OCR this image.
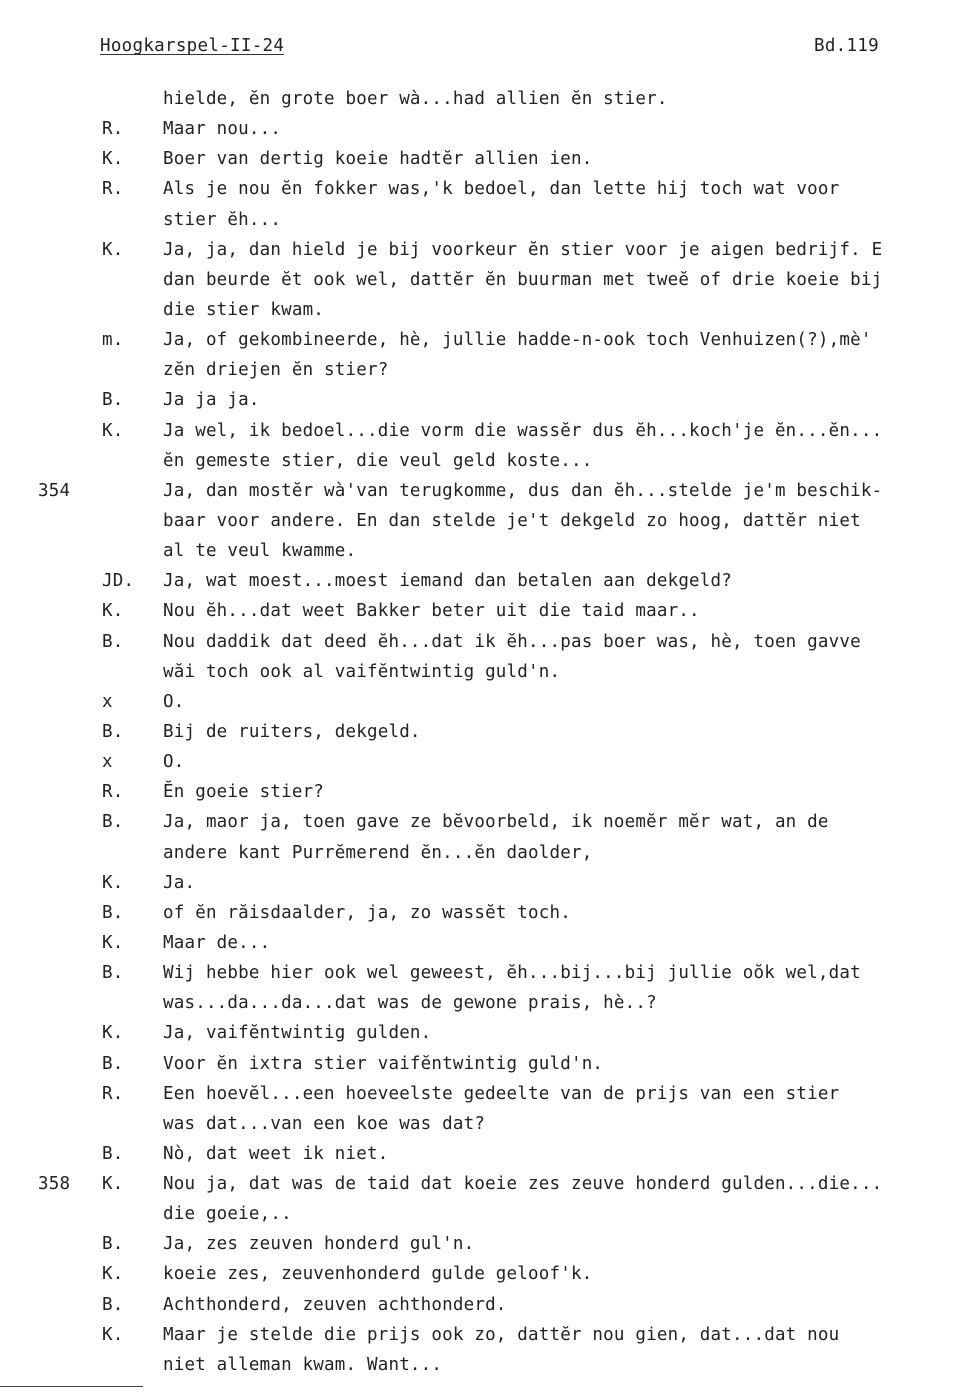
Hoogkarspel-II-24	Bd.119
hielde, ĕn grote boer wà...had allien ĕn stier.
R. Maar nou...
K. Boer van dertig koeie hadtĕr allien ien.
R. Als je nou ĕn fokker was,'k bedoel, dan lette hij toch wat voor
stier ĕh...
K. Ja, ja, dan hield je bij voorkeur ĕn stier voor je aigen bedrijf. E
dan beurde ĕt ook wel, dattĕr ĕn buurman met tweĕ of drie koeie bij
die stier kwam.
m. Ja, of gekombineerde, hè, jullie hadde-n-ook toch Venhuizen(?),mè'
zĕn driejen ĕn stier?
B. Ja ja ja.
K. Ja wel, ik bedoel...die vorm die wassĕr dus ĕh...koch'je ĕn...ĕn...
ĕn gemeste stier, die veul geld koste...
354	Ja, dan mostĕr wà'van terugkomme, dus dan ĕh...stelde je'm beschik-
baar voor andere. En dan stelde je't dekgeld zo hoog, dattĕr niet
al te veul kwamme.
JD. Ja, wat moest...moest iemand dan betalen aan dekgeld?
K. Nou ĕh...dat weet Bakker beter uit die taid maar..
B. Nou daddik dat deed ĕh...dat ik ĕh...pas boer was, hè, toen gavve
wăi toch ook al vaifĕntwintig guld'n.
x	O.
B. Bij de ruiters, dekgeld.
x	O.
R. Ĕn goeie stier?
B. Ja, maor ja, toen gave ze bĕvoorbeld, ik noemĕr mĕr wat, an de
andere kant Purrĕmerend ĕn...ĕn daolder,
K. Ja.
B. of ĕn răisdaalder, ja, zo wassĕt toch.
K. Maar de...
B. Wij hebbe hier ook wel geweest, ĕh...bij...bij jullie oŏk wel,dat
was...da...da...dat was de gewone prais, hè..?
K. Ja, vaifĕntwintig gulden.
B. Voor ĕn ixtra stier vaifĕntwintig guld'n.
R. Een hoevĕl...een hoeveelste gedeelte van de prijs van een stier
was dat...van een koe was dat?
B. Nò, dat weet ik niet.
358 K. Nou ja, dat was de taid dat koeie zes zeuve honderd gulden...die...
die goeie,..
B. Ja, zes zeuven honderd gul'n.
K. koeie zes, zeuvenhonderd gulde geloof'k.
B. Achthonderd, zeuven achthonderd.
K. Maar je stelde die prijs ook zo, dattĕr nou gien, dat...dat nou
niet alleman kwam. Want...
